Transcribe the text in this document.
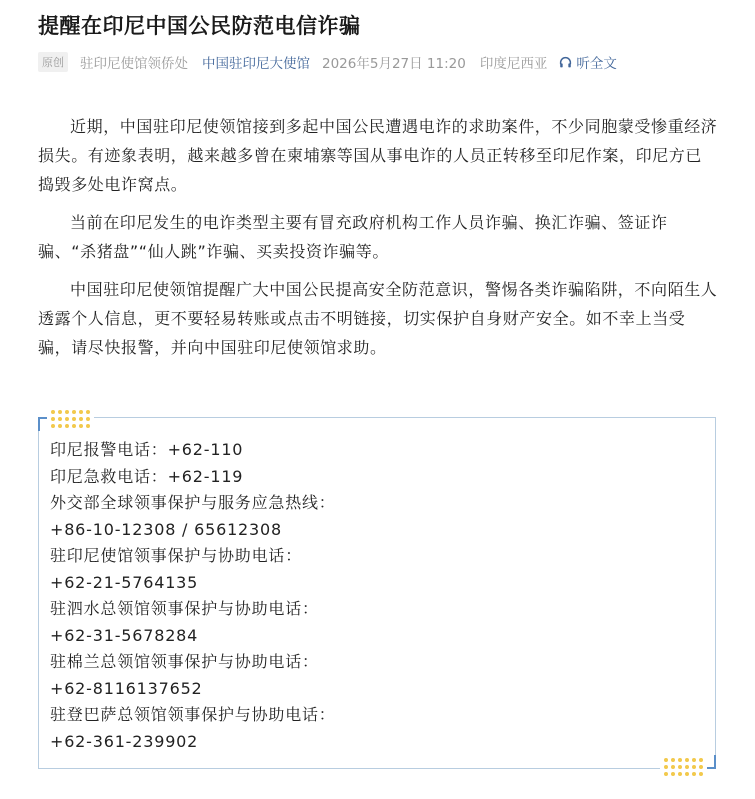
提醒在印尼中国公民防范电信诈骗
原创 驻印尼使馆领侨处 中国驻印尼大使馆 2026年5月27日 11:20 印度尼西亚 听全文

近期，中国驻印尼使领馆接到多起中国公民遭遇电诈的求助案件，不少同胞蒙受惨重经济损失。有迹象表明，越来越多曾在柬埔寨等国从事电诈的人员正转移至印尼作案，印尼方已捣毁多处电诈窝点。

当前在印尼发生的电诈类型主要有冒充政府机构工作人员诈骗、换汇诈骗、签证诈骗、“杀猪盘”“仙人跳”诈骗、买卖投资诈骗等。

中国驻印尼使领馆提醒广大中国公民提高安全防范意识，警惕各类诈骗陷阱，不向陌生人透露个人信息，更不要轻易转账或点击不明链接，切实保护自身财产安全。如不幸上当受骗，请尽快报警，并向中国驻印尼使领馆求助。

印尼报警电话：+62-110
印尼急救电话：+62-119
外交部全球领事保护与服务应急热线：
+86-10-12308 / 65612308
驻印尼使馆领事保护与协助电话：
+62-21-5764135
驻泗水总领馆领事保护与协助电话：
+62-31-5678284
驻棉兰总领馆领事保护与协助电话：
+62-8116137652
驻登巴萨总领馆领事保护与协助电话：
+62-361-239902
